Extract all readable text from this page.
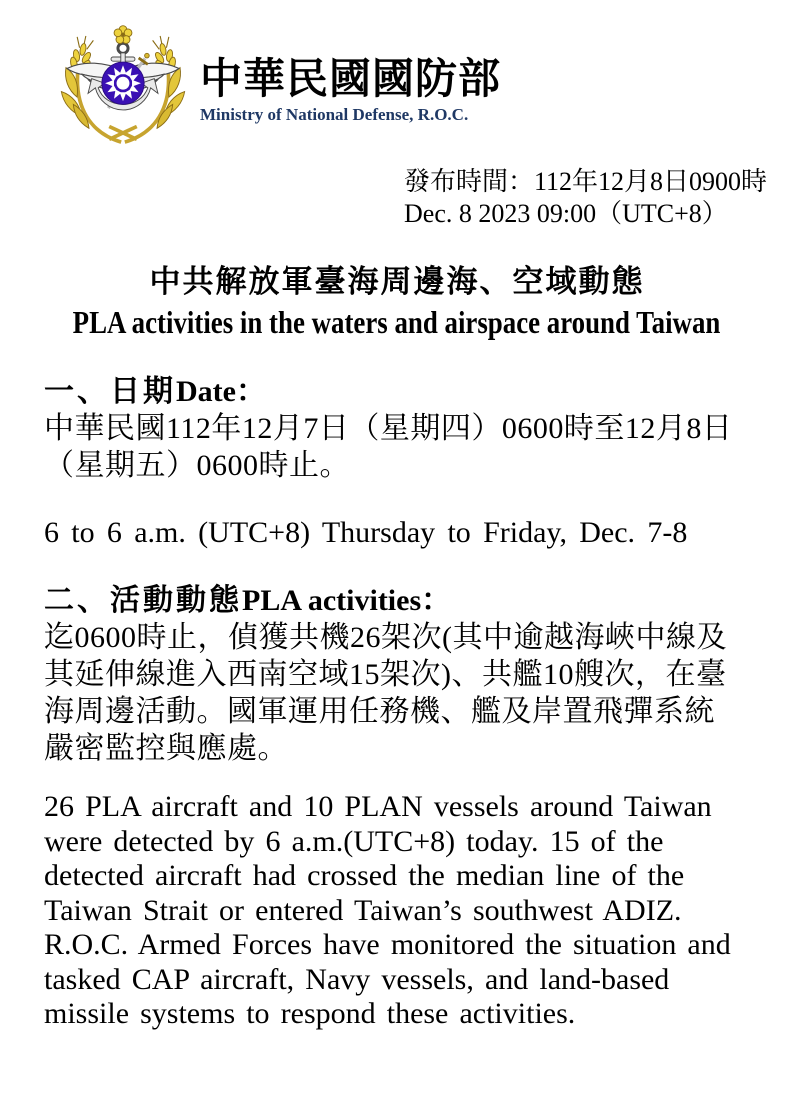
中華民國國防部
Ministry of National Defense, R.O.C.
發布時間：112年12月8日0900時
Dec. 8 2023 09:00（UTC+8）
中共解放軍臺海周邊海、空域動態
PLA activities in the waters and airspace around Taiwan
一、日期Date：
中華民國112年12月7日（星期四）0600時至12月8日
（星期五）0600時止。
6 to 6 a.m. (UTC+8) Thursday to Friday, Dec. 7-8
二、活動動態PLA activities：
迄0600時止，偵獲共機26架次(其中逾越海峽中線及
其延伸線進入西南空域15架次)、共艦10艘次，在臺
海周邊活動。國軍運用任務機、艦及岸置飛彈系統
嚴密監控與應處。
26 PLA aircraft and 10 PLAN vessels around Taiwan
were detected by 6 a.m.(UTC+8) today. 15 of the
detected aircraft had crossed the median line of the
Taiwan Strait or entered Taiwan’s southwest ADIZ.
R.O.C. Armed Forces have monitored the situation and
tasked CAP aircraft, Navy vessels, and land-based
missile systems to respond these activities.
